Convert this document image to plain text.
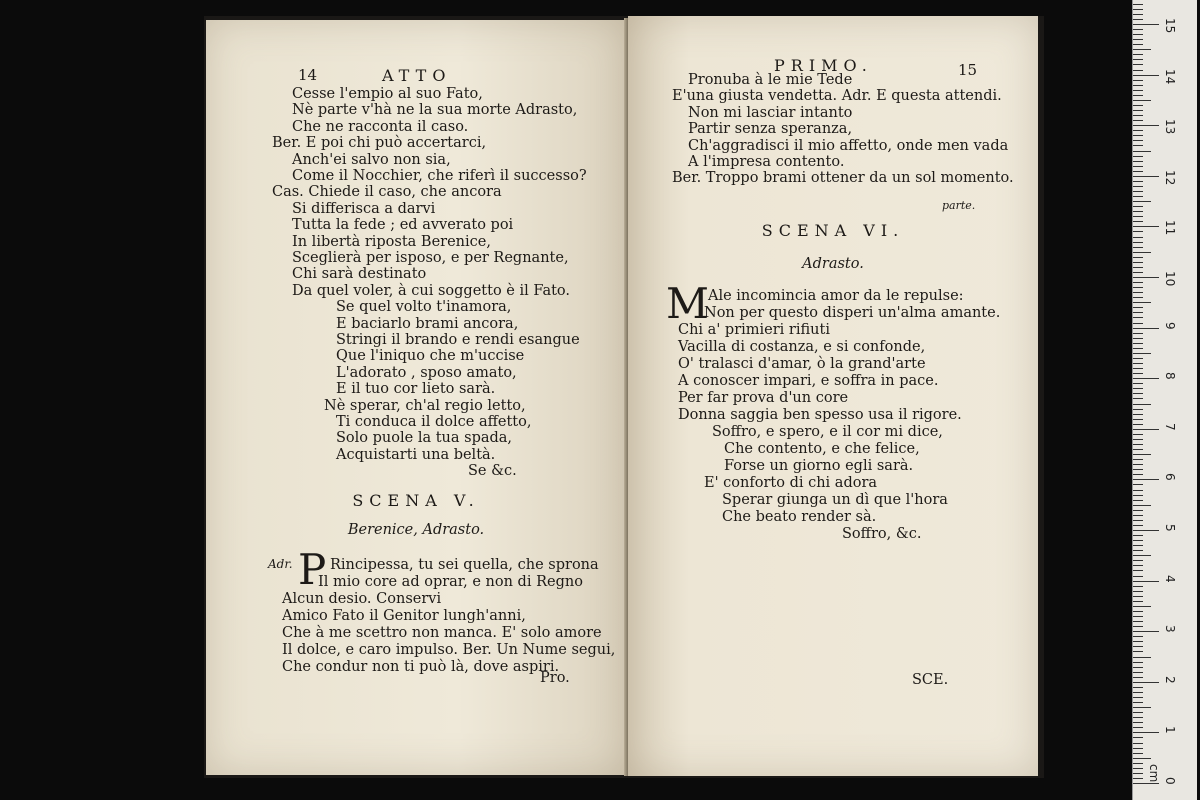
14	ATTO
Cesse l'empio al suo Fato,
Nè parte v'hà ne la sua morte Adrasto,
Che ne racconta il caso.
Ber. E poi chi può accertarci,
Anch'ei salvo non sia,
Come il Nocchier, che riferì il successo?
Cas. Chiede il caso, che ancora
Si differisca a darvi
Tutta la fede ; ed avverato poi
In libertà riposta Berenice,
Sceglierà per isposo, e per Regnante,
Chi sarà destinato
Da quel voler, à cui soggetto è il Fato.
Se quel volto t'inamora,
E baciarlo brami ancora,
Stringi il brando e rendi esangue
Que l'iniquo che m'uccise
L'adorato , sposo amato,
E il tuo cor lieto sarà.
Nè sperar, ch'al regio letto,
Ti conduca il dolce affetto,
Solo puole la tua spada,
Acquistarti una beltà.
Se &c.
SCENA V.
Berenice, Adrasto.
Adr. P Rincipessa, tu sei quella, che sprona
Il mio core ad oprar, e non di Regno
Alcun desio. Conservi
Amico Fato il Genitor lungh'anni,
Che à me scettro non manca. E' solo amore
Il dolce, e caro impulso. Ber. Un Nume segui,
Che condur non ti può là, dove aspiri.
Pro.
PRIMO.	15
Pronuba à le mie Tede
E'una giusta vendetta. Adr. E questa attendi.
Non mi lasciar intanto
Partir senza speranza,
Ch'aggradisci il mio affetto, onde men vada
A l'impresa contento.
Ber. Troppo brami ottener da un sol momento.
parte.
SCENA VI.
Adrasto.
M
Ale incomincia amor da le repulse:
Non per questo disperi un'alma amante.
Chi a' primieri rifiuti
Vacilla di costanza, e si confonde,
O' tralasci d'amar, ò la grand'arte
A conoscer impari, e soffra in pace.
Per far prova d'un core
Donna saggia ben spesso usa il rigore.
Soffro, e spero, e il cor mi dice,
Che contento, e che felice,
Forse un giorno egli sarà.
E' conforto di chi adora
Sperar giunga un dì que l'hora
Che beato render sà.
Soffro, &c.
SCE.
0
1
2
3
4
5
6
7
8
9
10
11
12
13
14
15
cm
